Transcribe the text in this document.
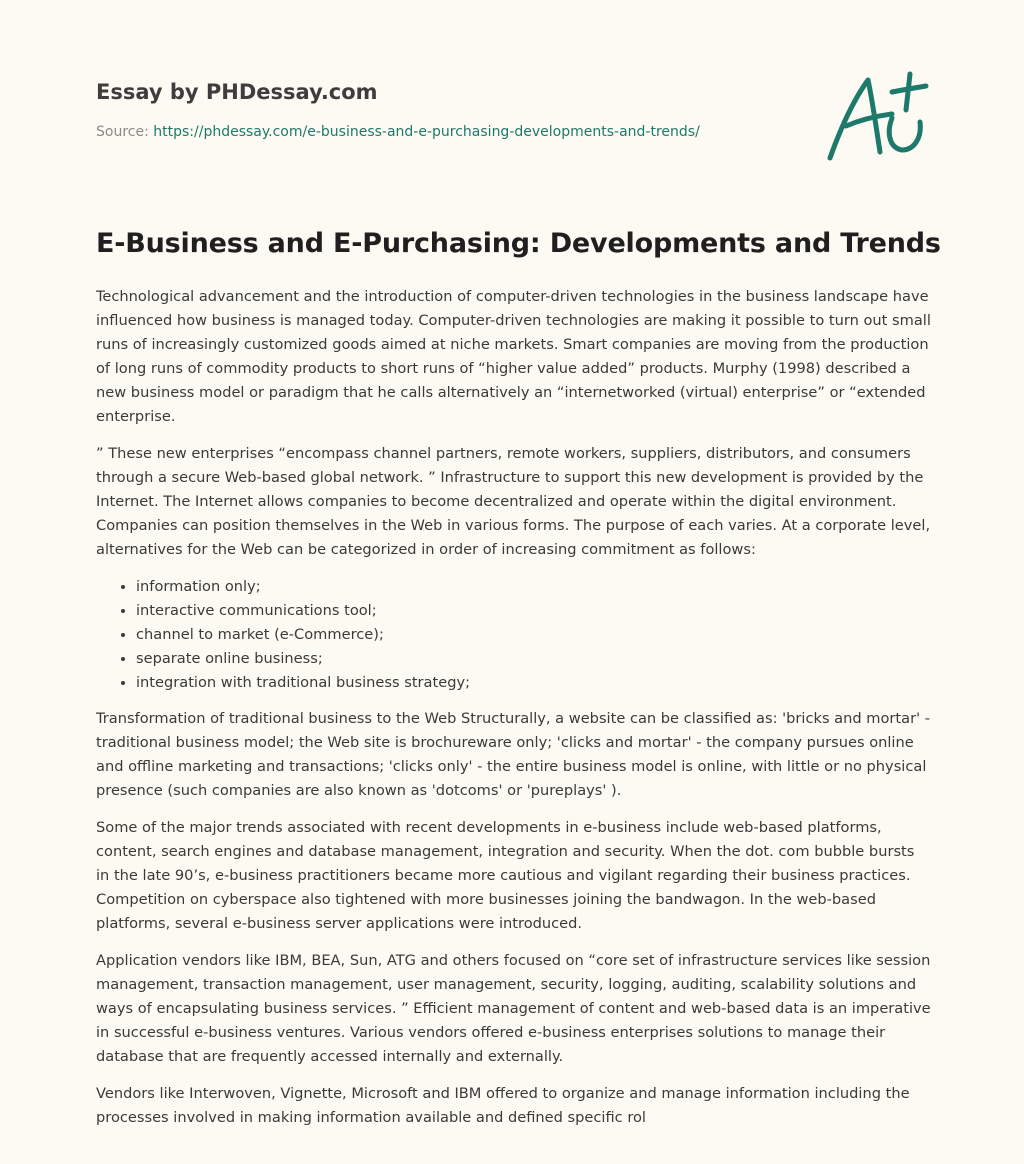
Essay by PHDessay.com
Source: https://phdessay.com/e-business-and-e-purchasing-developments-and-trends/
E-Business and E-Purchasing: Developments and Trends

Technological advancement and the introduction of computer-driven technologies in the business landscape have influenced how business is managed today. Computer-driven technologies are making it possible to turn out small runs of increasingly customized goods aimed at niche markets. Smart companies are moving from the production of long runs of commodity products to short runs of “higher value added” products. Murphy (1998) described a new business model or paradigm that he calls alternatively an “internetworked (virtual) enterprise” or “extended enterprise.

” These new enterprises “encompass channel partners, remote workers, suppliers, distributors, and consumers through a secure Web-based global network. ” Infrastructure to support this new development is provided by the Internet. The Internet allows companies to become decentralized and operate within the digital environment. Companies can position themselves in the Web in various forms. The purpose of each varies. At a corporate level, alternatives for the Web can be categorized in order of increasing commitment as follows:

• information only;
• interactive communications tool;
• channel to market (e-Commerce);
• separate online business;
• integration with traditional business strategy;

Transformation of traditional business to the Web Structurally, a website can be classified as: 'bricks and mortar' - traditional business model; the Web site is brochureware only; 'clicks and mortar' - the company pursues online and offline marketing and transactions; 'clicks only' - the entire business model is online, with little or no physical presence (such companies are also known as 'dotcoms' or 'pureplays' ).

Some of the major trends associated with recent developments in e-business include web-based platforms, content, search engines and database management, integration and security. When the dot. com bubble bursts in the late 90’s, e-business practitioners became more cautious and vigilant regarding their business practices. Competition on cyberspace also tightened with more businesses joining the bandwagon. In the web-based platforms, several e-business server applications were introduced.

Application vendors like IBM, BEA, Sun, ATG and others focused on “core set of infrastructure services like session management, transaction management, user management, security, logging, auditing, scalability solutions and ways of encapsulating business services. ” Efficient management of content and web-based data is an imperative in successful e-business ventures. Various vendors offered e-business enterprises solutions to manage their database that are frequently accessed internally and externally.

Vendors like Interwoven, Vignette, Microsoft and IBM offered to organize and manage information including the processes involved in making information available and defined specific rol
